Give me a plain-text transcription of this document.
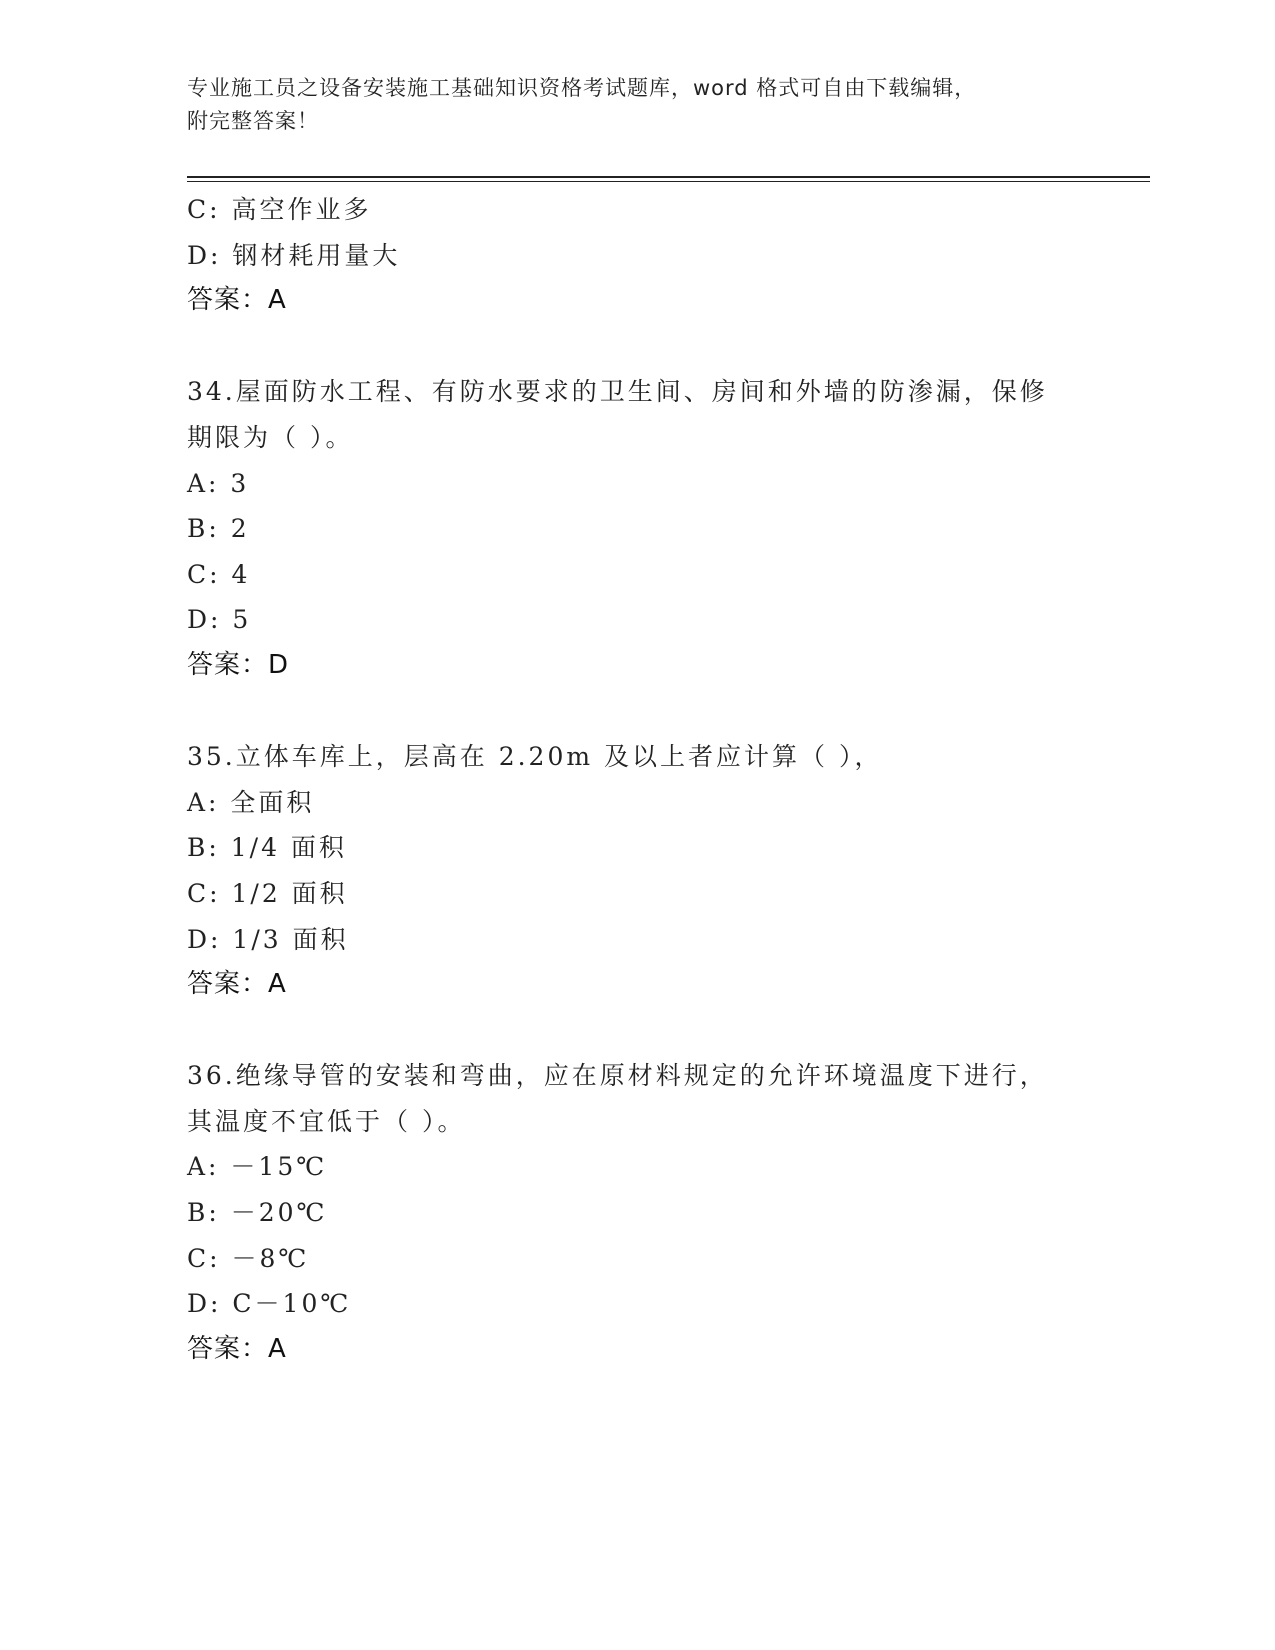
专业施工员之设备安装施工基础知识资格考试题库，word 格式可自由下载编辑，
附完整答案！
C: 高空作业多
D: 钢材耗用量大
答案：A
34.屋面防水工程、有防水要求的卫生间、房间和外墙的防渗漏，保修
期限为（ ）。
A: 3
B: 2
C: 4
D: 5
答案：D
35.立体车库上，层高在 2.20m 及以上者应计算（ ），
A: 全面积
B: 1/4 面积
C: 1/2 面积
D: 1/3 面积
答案：A
36.绝缘导管的安装和弯曲，应在原材料规定的允许环境温度下进行，
其温度不宜低于（ ）。
A: －15℃
B: －20℃
C: －8℃
D: C－10℃
答案：A
